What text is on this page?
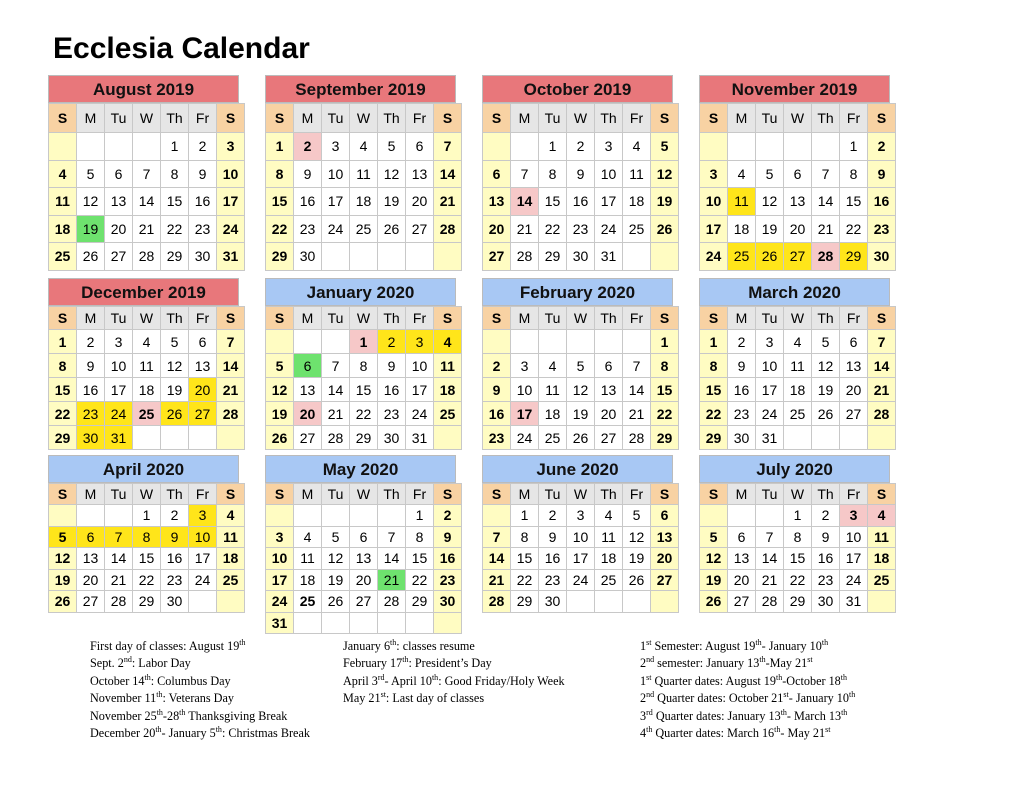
Ecclesia Calendar
August 2019
S	M	Tu	W	Th	Fr	S
				1	2	3
4	5	6	7	8	9	10
11	12	13	14	15	16	17
18	19	20	21	22	23	24
25	26	27	28	29	30	31
September 2019
S	M	Tu	W	Th	Fr	S
1	2	3	4	5	6	7
8	9	10	11	12	13	14
15	16	17	18	19	20	21
22	23	24	25	26	27	28
29	30					
October 2019
S	M	Tu	W	Th	Fr	S
		1	2	3	4	5
6	7	8	9	10	11	12
13	14	15	16	17	18	19
20	21	22	23	24	25	26
27	28	29	30	31		
November 2019
S	M	Tu	W	Th	Fr	S
					1	2
3	4	5	6	7	8	9
10	11	12	13	14	15	16
17	18	19	20	21	22	23
24	25	26	27	28	29	30
December 2019
S	M	Tu	W	Th	Fr	S
1	2	3	4	5	6	7
8	9	10	11	12	13	14
15	16	17	18	19	20	21
22	23	24	25	26	27	28
29	30	31				
January 2020
S	M	Tu	W	Th	Fr	S
			1	2	3	4
5	6	7	8	9	10	11
12	13	14	15	16	17	18
19	20	21	22	23	24	25
26	27	28	29	30	31	
February 2020
S	M	Tu	W	Th	Fr	S
						1
2	3	4	5	6	7	8
9	10	11	12	13	14	15
16	17	18	19	20	21	22
23	24	25	26	27	28	29
March 2020
S	M	Tu	W	Th	Fr	S
1	2	3	4	5	6	7
8	9	10	11	12	13	14
15	16	17	18	19	20	21
22	23	24	25	26	27	28
29	30	31				
April 2020
S	M	Tu	W	Th	Fr	S
			1	2	3	4
5	6	7	8	9	10	11
12	13	14	15	16	17	18
19	20	21	22	23	24	25
26	27	28	29	30		
May 2020
S	M	Tu	W	Th	Fr	S
					1	2
3	4	5	6	7	8	9
10	11	12	13	14	15	16
17	18	19	20	21	22	23
24	25	26	27	28	29	30
31						
June 2020
S	M	Tu	W	Th	Fr	S
	1	2	3	4	5	6
7	8	9	10	11	12	13
14	15	16	17	18	19	20
21	22	23	24	25	26	27
28	29	30				
July 2020
S	M	Tu	W	Th	Fr	S
			1	2	3	4
5	6	7	8	9	10	11
12	13	14	15	16	17	18
19	20	21	22	23	24	25
26	27	28	29	30	31	
First day of classes: August 19th
Sept. 2nd: Labor Day
October 14th: Columbus Day
November 11th: Veterans Day
November 25th-28th Thanksgiving Break
December 20th- January 5th: Christmas Break
January 6th: classes resume
February 17th: President’s Day
April 3rd- April 10th: Good Friday/Holy Week
May 21st: Last day of classes
1st Semester: August 19th- January 10th
2nd semester: January 13th-May 21st
1st Quarter dates: August 19th-October 18th
2nd Quarter dates: October 21st- January 10th
3rd Quarter dates: January 13th- March 13th
4th Quarter dates: March 16th- May 21st
